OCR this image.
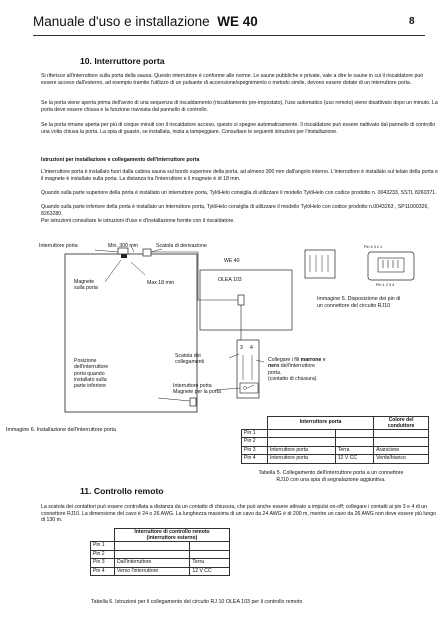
Manuale d'uso e installazione WE 40	8
10. Interruttore porta
Si riferisce all'interruttore sulla porta della sauna. Questo interruttore è conforme alle norme. Le saune pubbliche e private, vale a dire le saune in cui il riscaldatore può essere acceso dall'esterno, ad esempio tramite l'utilizzo di un pulsante di accensione/spegnimento o metodo simile, devono essere dotate di un interruttore porta.
Se la porta viene aperta prima dell'avvio di una sequenza di riscaldamento (riscaldamento pre-impostato), l'uso automatico (uso remoto) viene disattivato dopo un minuto. La porta deve essere chiusa e la funzione riavviata dal pannello di controllo.
Se la porta rimane aperta per più di cinque minuti con il riscaldatore acceso, questo si spegne automaticamente. Il riscaldatore può essere riattivato dal pannello di controllo una volta chiusa la porta. La spia di guasto, se installata, inizia a lampeggiare. Consultare le seguenti istruzioni per l'installazione.
Istruzioni per installazione e collegamento dell'interruttore porta
L'interruttore porta è installato fuori dalla cabina sauna sul bordo superiore della porta, ad almeno 300 mm dall'angolo interno. L'interruttore è installato sul telaio della porta e il magnete è installato sulla porta. La distanza tra l'interruttore e il magnete è di 18 mm.
Quando sulla parte superiore della porta è installato un interruttore porta, TylöHelo consiglia di utilizzare il modello TylöHelo con codice prodotto n. 0043233, SSTL 8260371.
Quando sulla parte inferiore della porta è installato un interruttore porta, TylöHelo consiglia di utilizzare il modello TylöHelo con codice prodotto n.0043263 , SP11000326, 8263280.
Per istruzioni consultare le istruzioni d'uso e d'installazione fornite con il riscaldatore.
Interruttore porta	Min. 300 mm	Scatola di derivazione
Magnete
sulla porta
Max 18 mm
Posizione
dell'interruttore
porta quando
installato sulla
parte inferiore
Scatola dei
collegamenti
Interruttore porta
Magnete per la porta
WE 40
OLEA 103
3 4
Collegare i fili marrone e
nero dell'interruttore
porta.
(contatto di chiusura)
Immagine 6. Installazione dell'interruttore porta
Pin 4 3 2 1
Pin 1 2 3 4
Immagine 5. Disposizione dei pin di
un connettore del circuito RJ10
	Interruttore porta		Colore del
conduttore
Pin 1			
Pin 2			
Pin 3	Interruttore porta	Terra	Arancione
Pin 4	Interruttore porta	12 V CC	Verde/bianco
Tabella 5. Collegamento dell'interruttore porta a un connettore
RJ10 con una spia di segnalazione aggiuntiva.
11. Controllo remoto
La scatola dei contattori può essere controllata a distanza da un contatto di chiusura, che può anche essere attivato a impulsi on-off; collegare i contatti ai pin 3 e 4 di un connettore RJ10. La dimensione del cavo è 24 o 26 AWG. La lunghezza massima di un cavo da 24 AWG è di 200 m, mentre un cavo da 26 AWG non deve essere più lungo di 130 m.
	Interruttore di controllo remoto
(interruttore esterno)	
Pin 1		
Pin 2		
Pin 3	Dall'interruttore	Terra
Pin 4	Verso l'interruttore	12 V CC
Tabella 6. Istruzioni per il collegamento del circuito RJ 10 OLEA 103 per il controllo remoto
